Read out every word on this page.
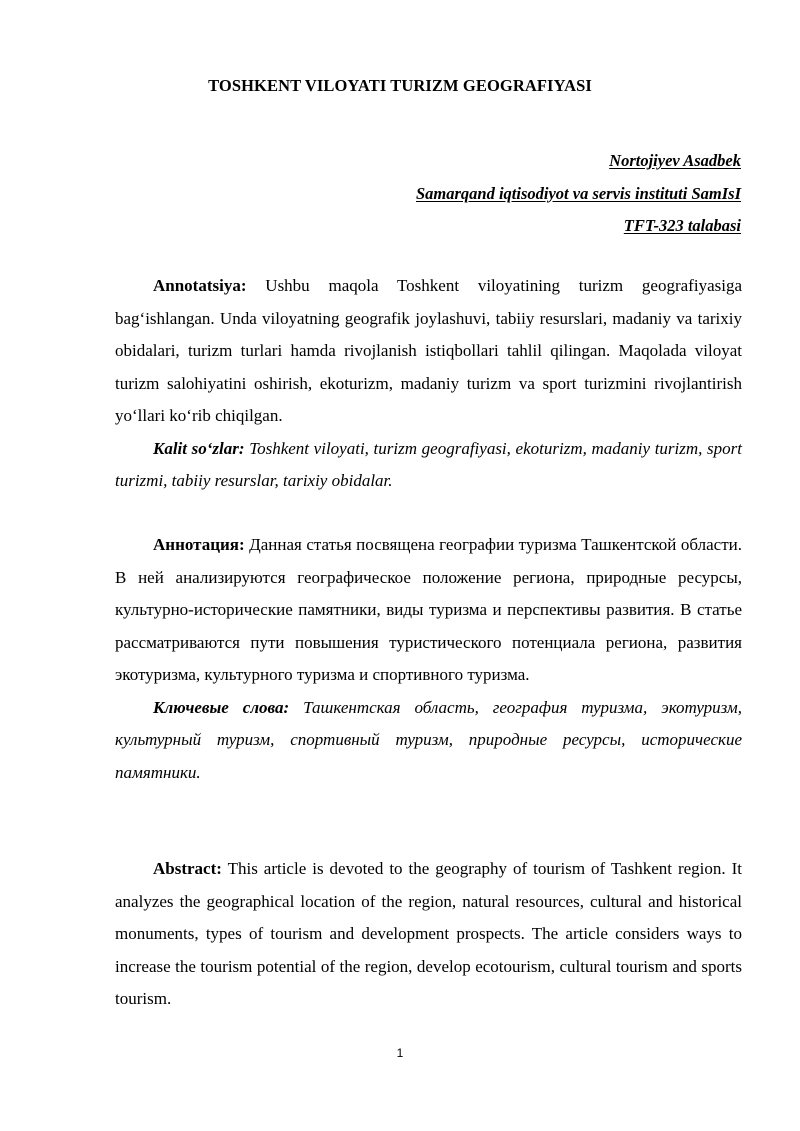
TOSHKENT VILOYATI TURIZM GEOGRAFIYASI
Nortojiyev Asadbek
Samarqand iqtisodiyot va servis instituti SamIsI
TFT-323 talabasi

Annotatsiya: Ushbu maqola Toshkent viloyatining turizm geografiyasiga bag‘ishlangan. Unda viloyatning geografik joylashuvi, tabiiy resurslari, madaniy va tarixiy obidalari, turizm turlari hamda rivojlanish istiqbollari tahlil qilingan. Maqolada viloyat turizm salohiyatini oshirish, ekoturizm, madaniy turizm va sport turizmini rivojlantirish yo‘llari ko‘rib chiqilgan.

Kalit so‘zlar: Toshkent viloyati, turizm geografiyasi, ekoturizm, madaniy turizm, sport turizmi, tabiiy resurslar, tarixiy obidalar.

Аннотация: Данная статья посвящена географии туризма Ташкентской области. В ней анализируются географическое положение региона, природные ресурсы, культурно-исторические памятники, виды туризма и перспективы развития. В статье рассматриваются пути повышения туристического потенциала региона, развития экотуризма, культурного туризма и спортивного туризма.

Ключевые слова: Ташкентская область, география туризма, экотуризм, культурный туризм, спортивный туризм, природные ресурсы, исторические памятники.

Abstract: This article is devoted to the geography of tourism of Tashkent region. It analyzes the geographical location of the region, natural resources, cultural and historical monuments, types of tourism and development prospects. The article considers ways to increase the tourism potential of the region, develop ecotourism, cultural tourism and sports tourism.

1
